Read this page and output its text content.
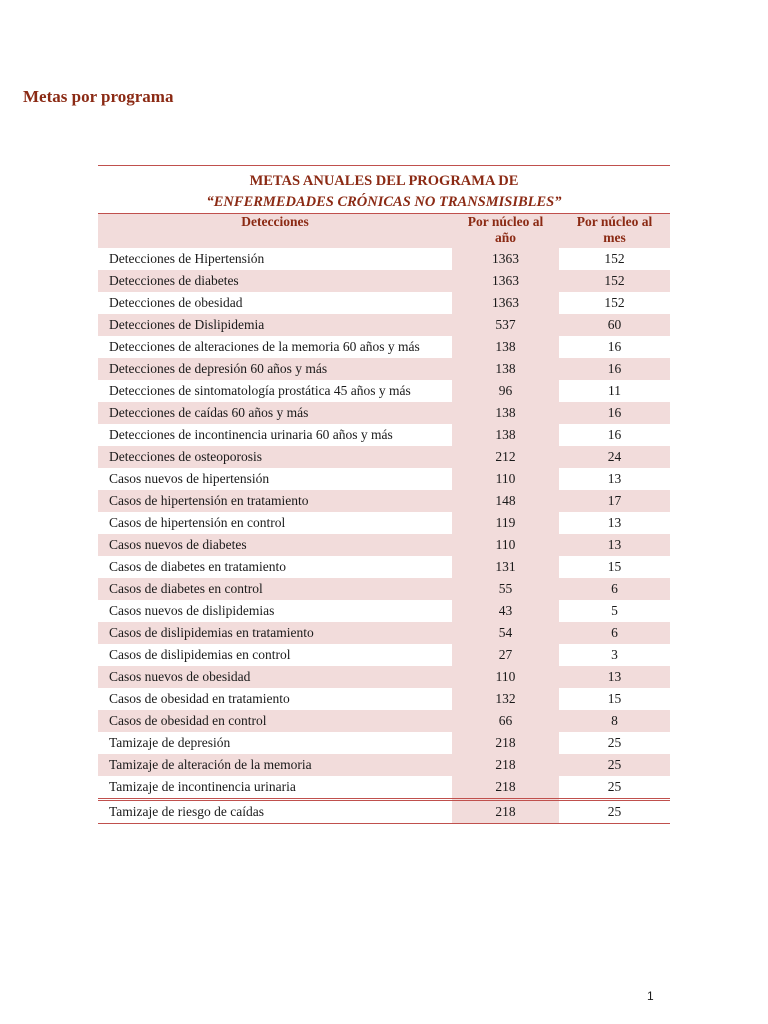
Metas por programa
METAS ANUALES DEL PROGRAMA DE
“ENFERMEDADES CRÓNICAS NO TRANSMISIBLES”
Detecciones	Por núcleo al año	Por núcleo al mes
Detecciones de Hipertensión	1363	152
Detecciones de diabetes	1363	152
Detecciones de obesidad	1363	152
Detecciones de Dislipidemia	537	60
Detecciones de alteraciones de la memoria 60 años y más	138	16
Detecciones de depresión 60 años y más	138	16
Detecciones de sintomatología prostática 45 años y más	96	11
Detecciones de caídas 60 años y más	138	16
Detecciones de incontinencia urinaria 60 años y más	138	16
Detecciones de osteoporosis	212	24
Casos nuevos de hipertensión	110	13
Casos de hipertensión en tratamiento	148	17
Casos de hipertensión en control	119	13
Casos nuevos de diabetes	110	13
Casos de diabetes en tratamiento	131	15
Casos de diabetes en control	55	6
Casos nuevos de dislipidemias	43	5
Casos de dislipidemias en tratamiento	54	6
Casos de dislipidemias en control	27	3
Casos nuevos de obesidad	110	13
Casos de obesidad en tratamiento	132	15
Casos de obesidad en control	66	8
Tamizaje de depresión	218	25
Tamizaje de alteración de la memoria	218	25
Tamizaje de incontinencia urinaria	218	25
Tamizaje de riesgo de caídas	218	25
1
